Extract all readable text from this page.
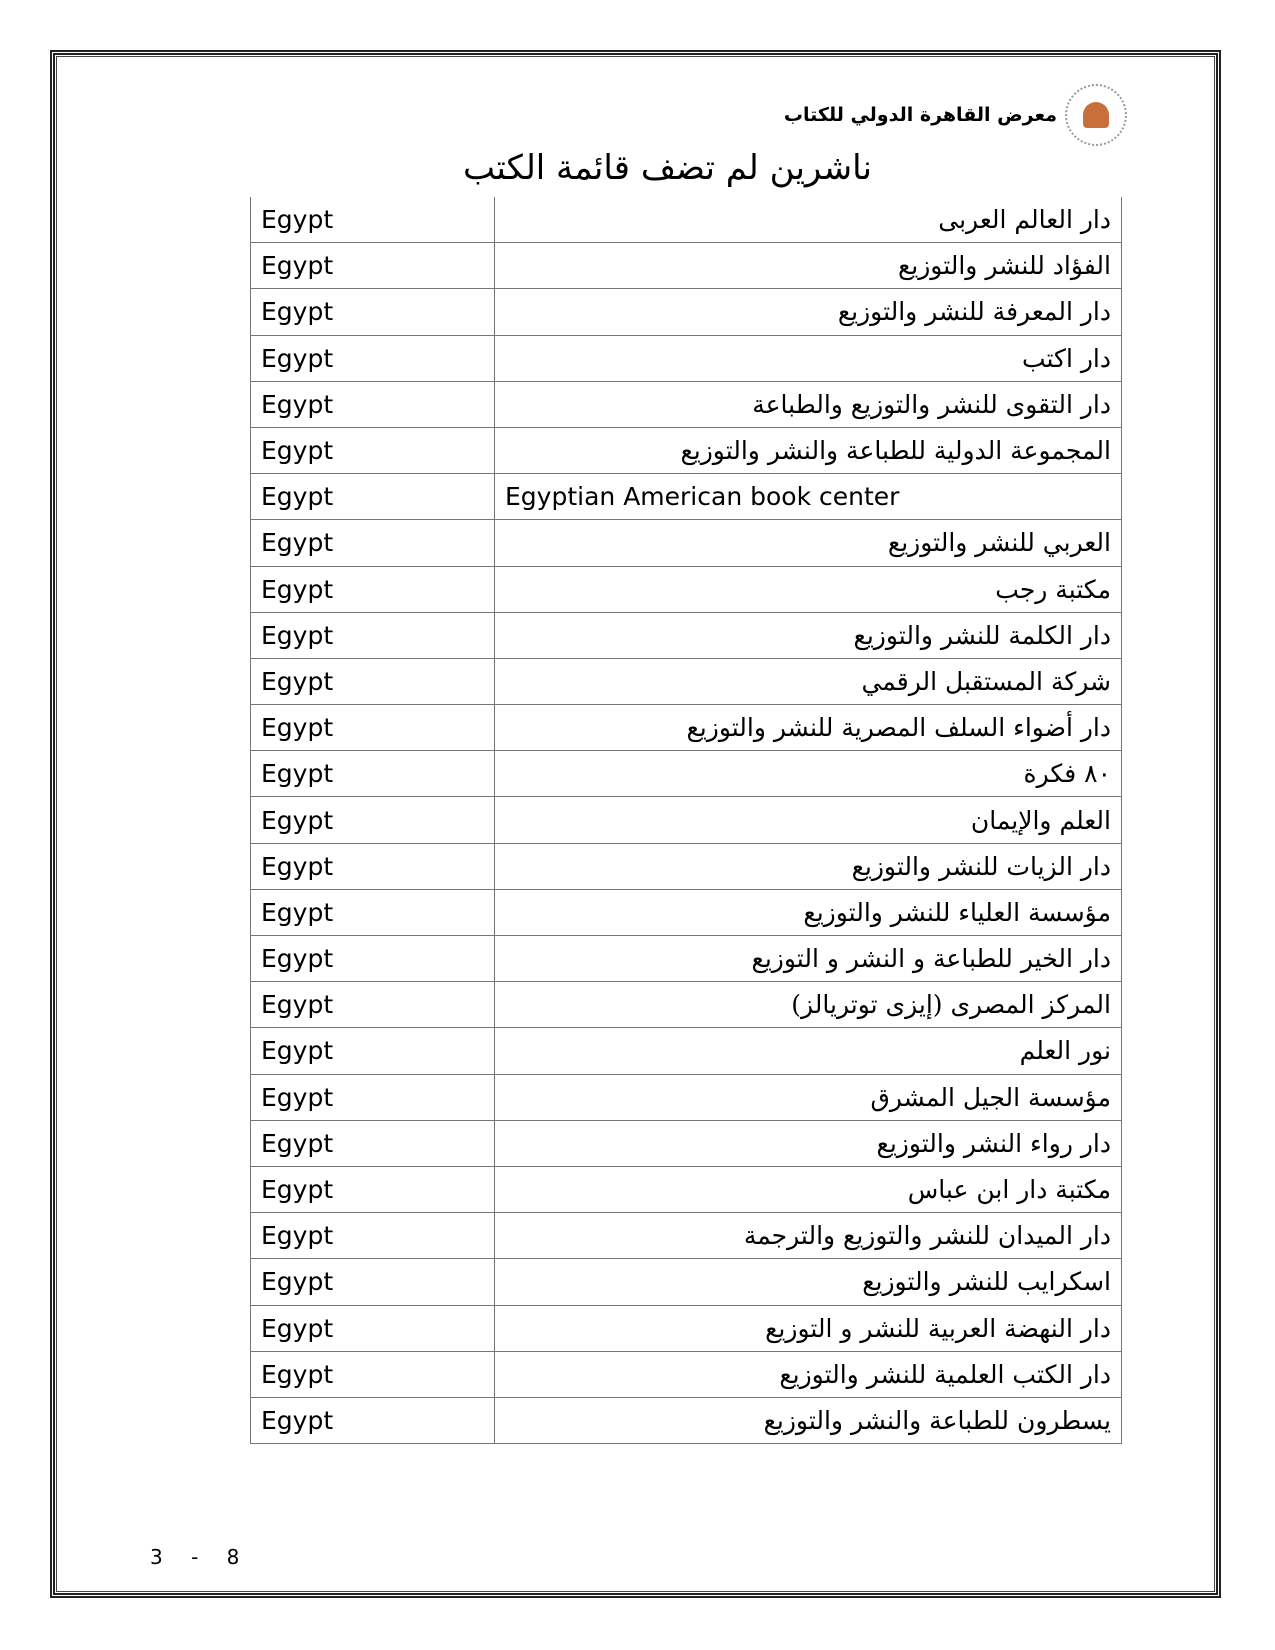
معرض القاهرة الدولي للكتاب
ناشرين لم تضف قائمة الكتب
Egypt	دار العالم العربى
Egypt	الفؤاد للنشر والتوزيع
Egypt	دار المعرفة للنشر والتوزيع
Egypt	دار اكتب
Egypt	دار التقوى للنشر والتوزيع والطباعة
Egypt	المجموعة الدولية للطباعة والنشر والتوزيع
Egypt	Egyptian American book center
Egypt	العربي للنشر والتوزيع
Egypt	مكتبة رجب
Egypt	دار الكلمة للنشر والتوزيع
Egypt	شركة المستقبل الرقمي
Egypt	دار أضواء السلف المصرية للنشر والتوزيع
Egypt	٨٠ فكرة
Egypt	العلم والإيمان
Egypt	دار الزيات للنشر والتوزيع
Egypt	مؤسسة العلياء للنشر والتوزيع
Egypt	دار الخير للطباعة و النشر و التوزيع
Egypt	المركز المصرى (إيزى توتريالز)
Egypt	نور العلم
Egypt	مؤسسة الجيل المشرق
Egypt	دار رواء النشر والتوزيع
Egypt	مكتبة دار ابن عباس
Egypt	دار الميدان للنشر والتوزيع والترجمة
Egypt	اسكرايب للنشر والتوزيع
Egypt	دار النهضة العربية للنشر و التوزيع
Egypt	دار الكتب العلمية للنشر والتوزيع
Egypt	يسطرون للطباعة والنشر والتوزيع
3 - 8
